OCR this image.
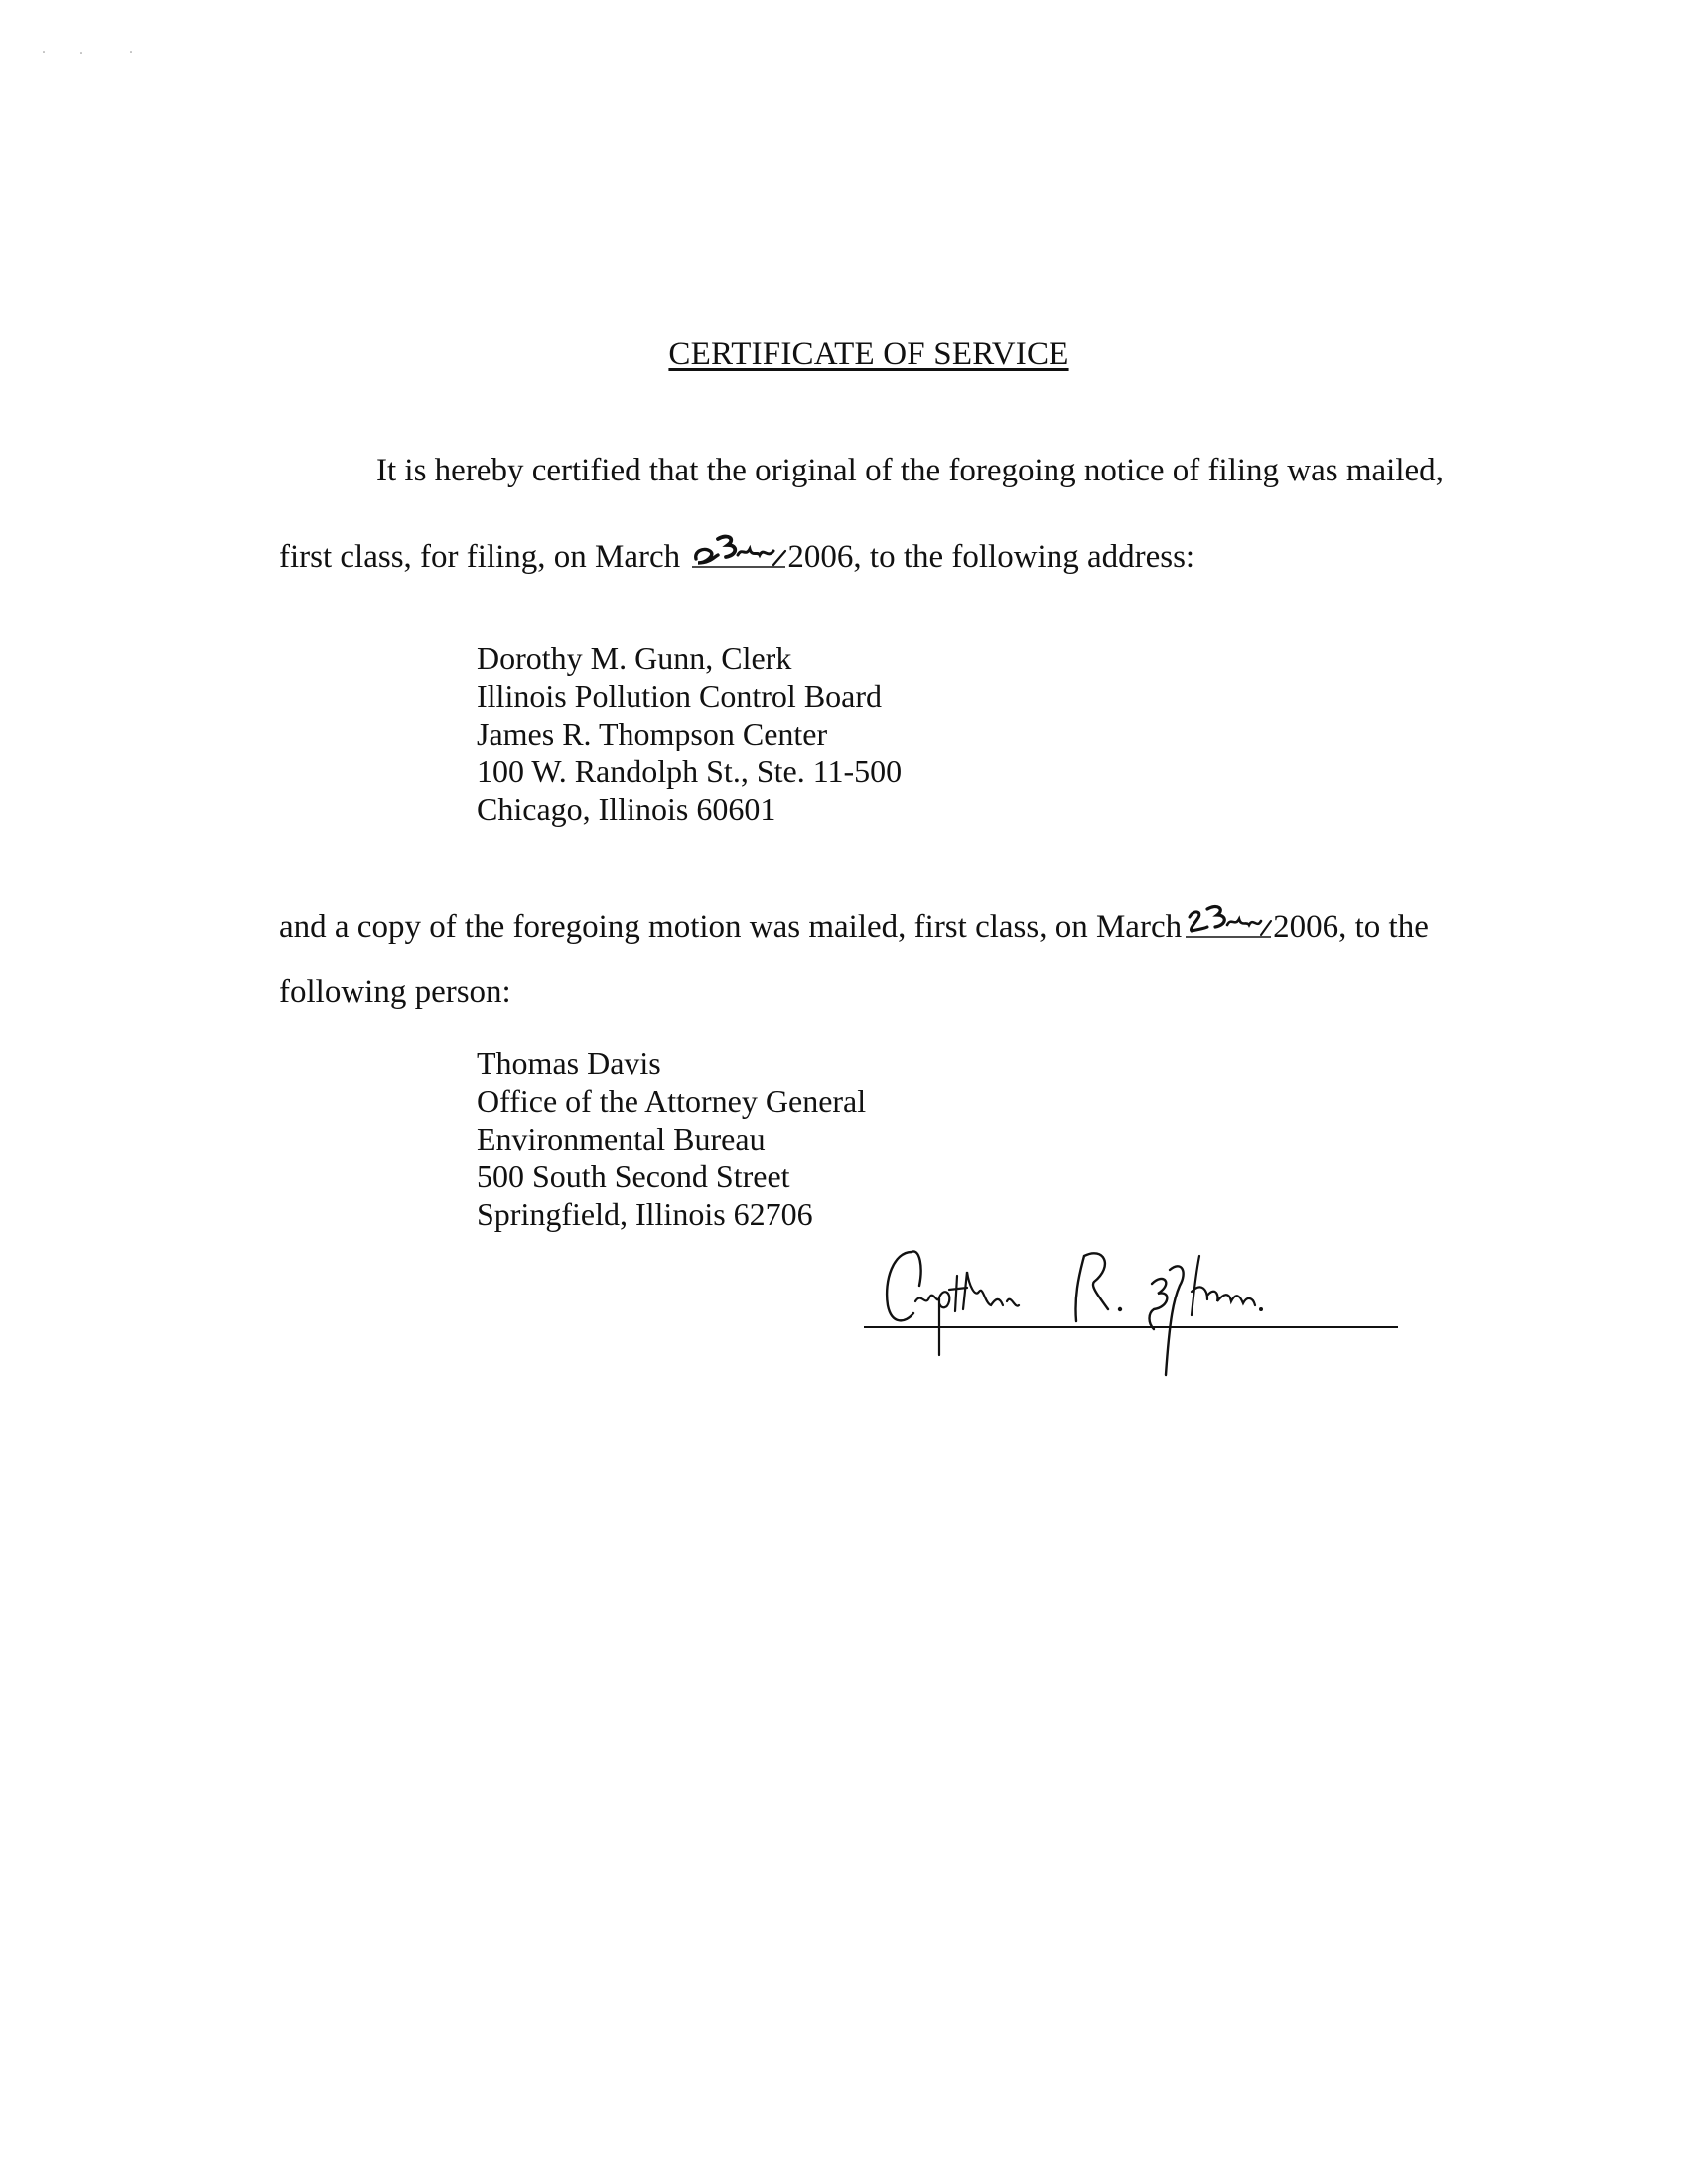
CERTIFICATE OF SERVICE
It is hereby certified that the original of the foregoing notice of filing was mailed,
first class, for filing, on March	2006, to the following address:
Dorothy M. Gunn, Clerk
Illinois Pollution Control Board
James R. Thompson Center
100 W. Randolph St., Ste. 11-500
Chicago, Illinois 60601
and a copy of the foregoing motion was mailed, first class, on March	2006, to the
following person:
Thomas Davis
Office of the Attorney General
Environmental Bureau
500 South Second Street
Springfield, Illinois 62706
